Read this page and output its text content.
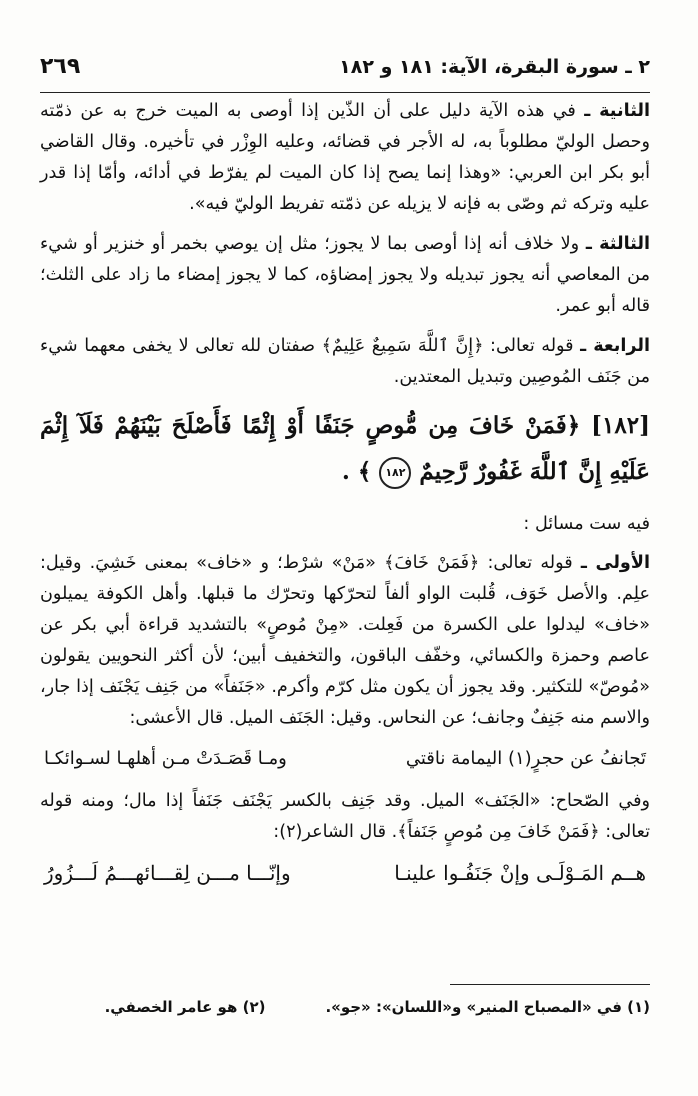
٢ ـ سورة البقرة، الآية: ١٨١ و ١٨٢
٢٦٩

الثانية ـ في هذه الآية دليل على أن الذّين إذا أوصى به الميت خرج به عن ذمّته وحصل الوليّ مطلوباً به، له الأجر في قضائه، وعليه الوِزْر في تأخيره. وقال القاضي أبو بكر ابن العربي: «وهذا إنما يصح إذا كان الميت لم يفرّط في أدائه، وأمّا إذا قدر عليه وتركه ثم وصّى به فإنه لا يزيله عن ذمّته تفريط الوليّ فيه».

الثالثة ـ ولا خلاف أنه إذا أوصى بما لا يجوز؛ مثل إن يوصي بخمر أو خنزير أو شيء من المعاصي أنه يجوز تبديله ولا يجوز إمضاؤه، كما لا يجوز إمضاء ما زاد على الثلث؛ قاله أبو عمر.

الرابعة ـ قوله تعالى: ﴿إِنَّ ٱللَّهَ سَمِيعٌ عَلِيمٌ﴾ صفتان لله تعالى لا يخفى معهما شيء من جَنَف المُوصِين وتبديل المعتدين.

[١٨٢] ﴿فَمَنْ خَافَ مِن مُّوصٍ جَنَفًا أَوْ إِثْمًا فَأَصْلَحَ بَيْنَهُمْ فَلَآ إِثْمَ عَلَيْهِ إِنَّ ٱللَّهَ غَفُورٌ رَّحِيمٌ ١٨٢ ﴾ .

فيه ست مسائل :

الأولى ـ قوله تعالى: ﴿فَمَنْ خَافَ﴾ «مَنْ» شرْط؛ و «خاف» بمعنى خَشِيَ. وقيل: علِم. والأصل خَوَف، قُلبت الواو ألفاً لتحرّكها وتحرّك ما قبلها. وأهل الكوفة يميلون «خاف» ليدلوا على الكسرة من فَعِلت. «مِنْ مُوصٍ» بالتشديد قراءة أبي بكر عن عاصم وحمزة والكسائي، وخفّف الباقون، والتخفيف أبين؛ لأن أكثر النحويين يقولون «مُوصّ» للتكثير. وقد يجوز أن يكون مثل كرّم وأكرم. «جَنَفاً» من جَنِف يَجْنَف إذا جار، والاسم منه جَنِفٌ وجانف؛ عن النحاس. وقيل: الجَنَف الميل. قال الأعشى:

تَجانفُ عن حجرٍ(١) اليمامة ناقتي
ومـا قَصَـدَتْ مـن أهلهـا لسـوائكـا

وفي الصّحاح: «الجَنَف» الميل. وقد جَنِف بالكسر يَجْنَف جَنَفاً إذا مال؛ ومنه قوله تعالى: ﴿فَمَنْ خَافَ مِن مُوصٍ جَنَفاً﴾. قال الشاعر(٢):

هــم المَـوْلَـى وإنْ جَنَفُـوا علينـا
وإنّـــا مـــن لِقـــائهـــمُ لَـــزُورُ
(١) في «المصباح المنير» و«اللسان»: «جو».
(٢) هو عامر الخصفي.
